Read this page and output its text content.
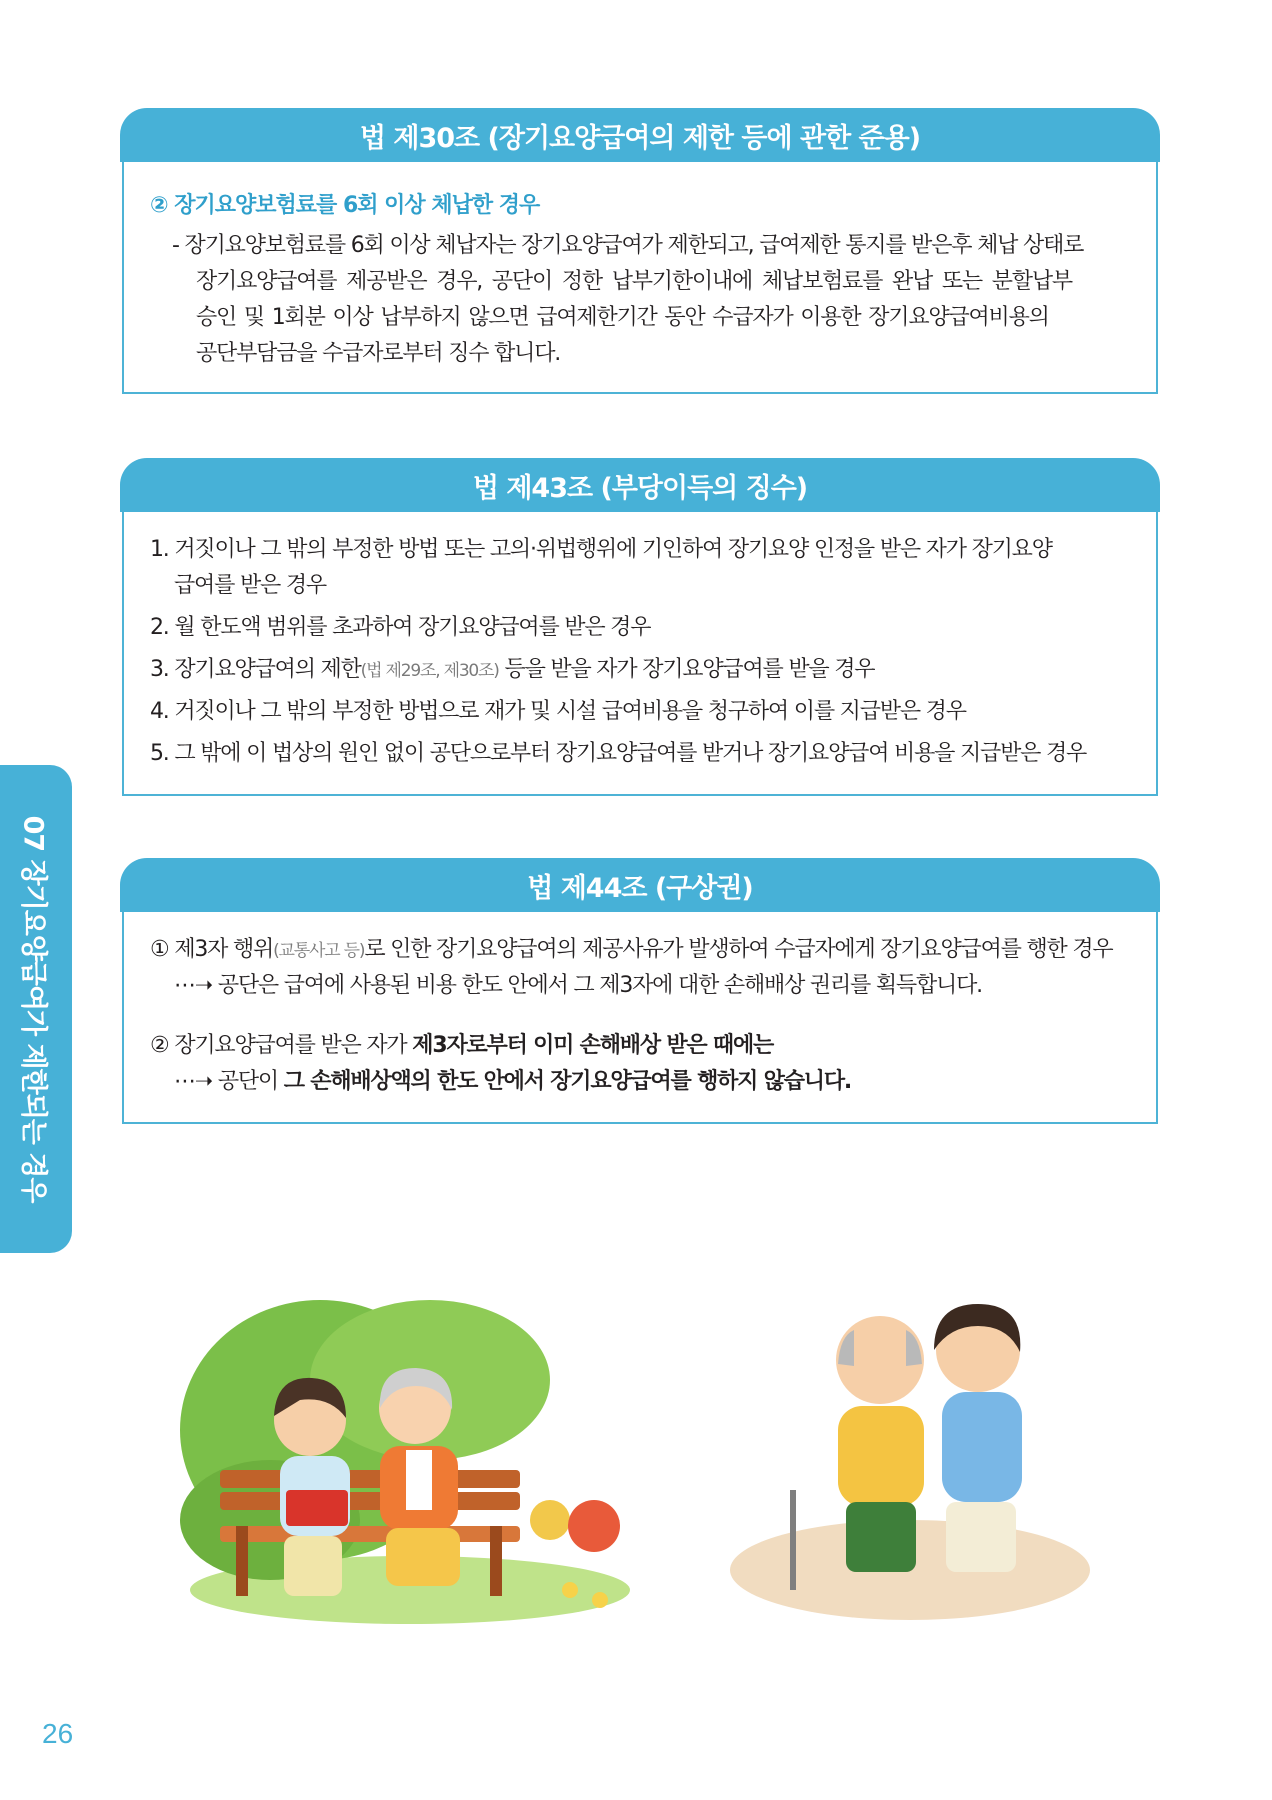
법 제30조 (장기요양급여의 제한 등에 관한 준용)
② 장기요양보험료를 6회 이상 체납한 경우
- 장기요양보험료를 6회 이상 체납자는 장기요양급여가 제한되고, 급여제한 통지를 받은후 체납 상태로
장기요양급여를 제공받은 경우, 공단이 정한 납부기한이내에 체납보험료를 완납 또는 분할납부
승인 및 1회분 이상 납부하지 않으면 급여제한기간 동안 수급자가 이용한 장기요양급여비용의
공단부담금을 수급자로부터 징수 합니다.
법 제43조 (부당이득의 징수)
1. 거짓이나 그 밖의 부정한 방법 또는 고의·위법행위에 기인하여 장기요양 인정을 받은 자가 장기요양
급여를 받은 경우
2. 월 한도액 범위를 초과하여 장기요양급여를 받은 경우
3. 장기요양급여의 제한(법 제29조, 제30조) 등을 받을 자가 장기요양급여를 받을 경우
4. 거짓이나 그 밖의 부정한 방법으로 재가 및 시설 급여비용을 청구하여 이를 지급받은 경우
5. 그 밖에 이 법상의 원인 없이 공단으로부터 장기요양급여를 받거나 장기요양급여 비용을 지급받은 경우
법 제44조 (구상권)
① 제3자 행위(교통사고 등)로 인한 장기요양급여의 제공사유가 발생하여 수급자에게 장기요양급여를 행한 경우
⋯➝ 공단은 급여에 사용된 비용 한도 안에서 그 제3자에 대한 손해배상 권리를 획득합니다.
② 장기요양급여를 받은 자가 제3자로부터 이미 손해배상 받은 때에는
⋯➝ 공단이 그 손해배상액의 한도 안에서 장기요양급여를 행하지 않습니다.
07 장기요양급여가 제한되는 경우
26
